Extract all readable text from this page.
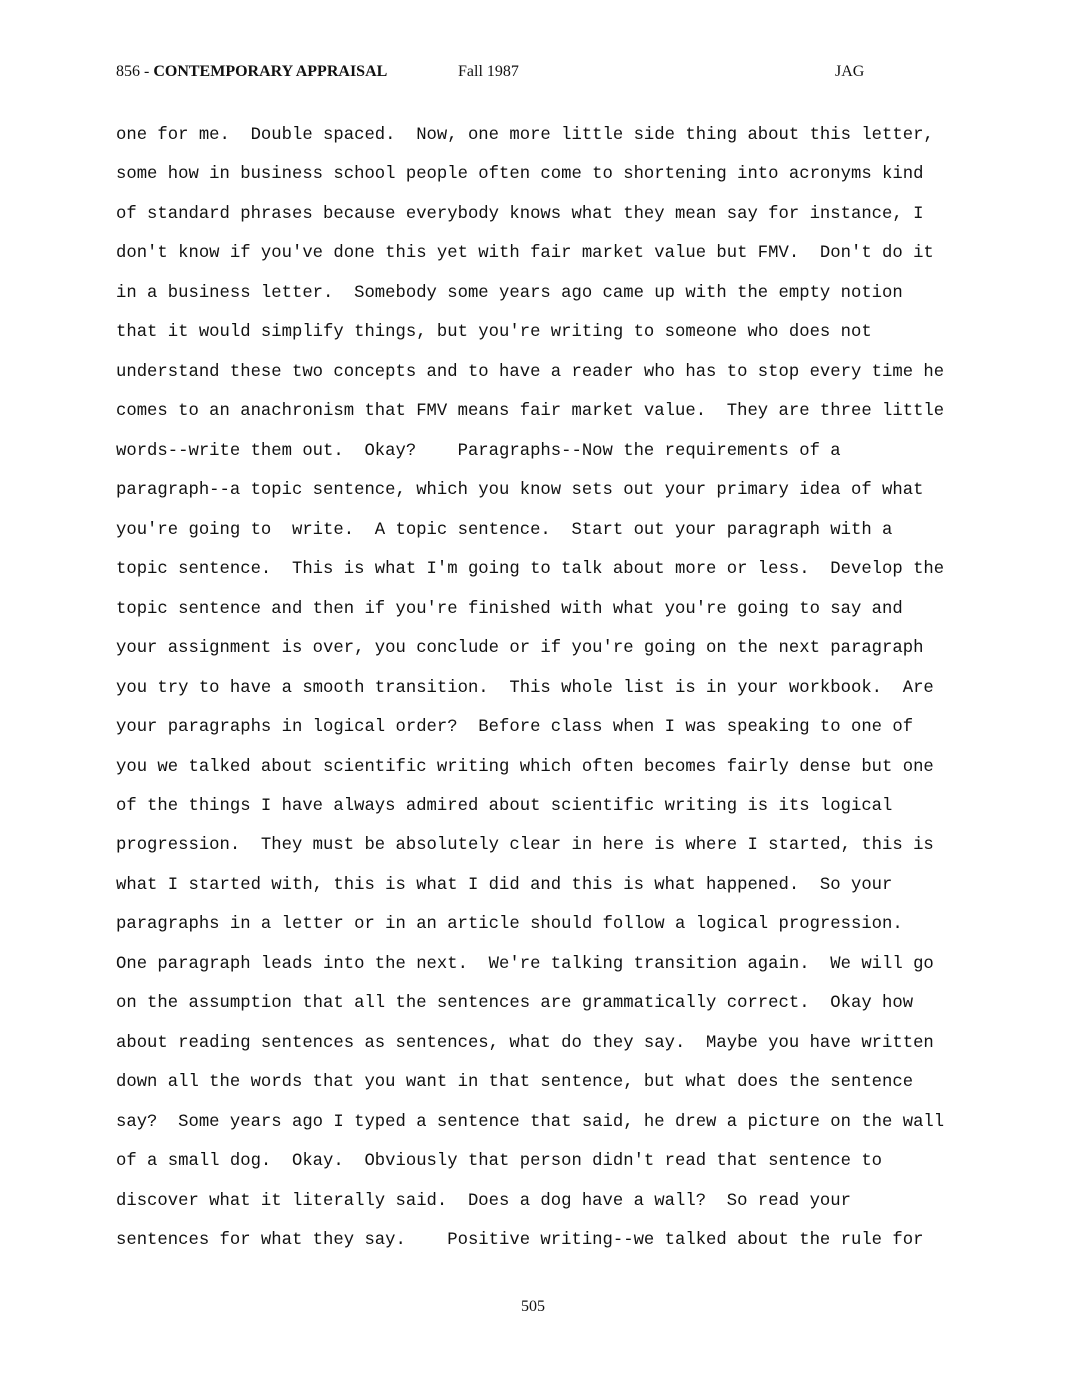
856 - CONTEMPORARY APPRAISAL	Fall 1987	JAG
one for me.  Double spaced.  Now, one more little side thing about this letter,
some how in business school people often come to shortening into acronyms kind
of standard phrases because everybody knows what they mean say for instance, I
don't know if you've done this yet with fair market value but FMV.  Don't do it
in a business letter.  Somebody some years ago came up with the empty notion
that it would simplify things, but you're writing to someone who does not
understand these two concepts and to have a reader who has to stop every time he
comes to an anachronism that FMV means fair market value.  They are three little
words--write them out.  Okay?    Paragraphs--Now the requirements of a
paragraph--a topic sentence, which you know sets out your primary idea of what
you're going to  write.  A topic sentence.  Start out your paragraph with a
topic sentence.  This is what I'm going to talk about more or less.  Develop the
topic sentence and then if you're finished with what you're going to say and
your assignment is over, you conclude or if you're going on the next paragraph
you try to have a smooth transition.  This whole list is in your workbook.  Are
your paragraphs in logical order?  Before class when I was speaking to one of
you we talked about scientific writing which often becomes fairly dense but one
of the things I have always admired about scientific writing is its logical
progression.  They must be absolutely clear in here is where I started, this is
what I started with, this is what I did and this is what happened.  So your
paragraphs in a letter or in an article should follow a logical progression.
One paragraph leads into the next.  We're talking transition again.  We will go
on the assumption that all the sentences are grammatically correct.  Okay how
about reading sentences as sentences, what do they say.  Maybe you have written
down all the words that you want in that sentence, but what does the sentence
say?  Some years ago I typed a sentence that said, he drew a picture on the wall
of a small dog.  Okay.  Obviously that person didn't read that sentence to
discover what it literally said.  Does a dog have a wall?  So read your
sentences for what they say.    Positive writing--we talked about the rule for
505
